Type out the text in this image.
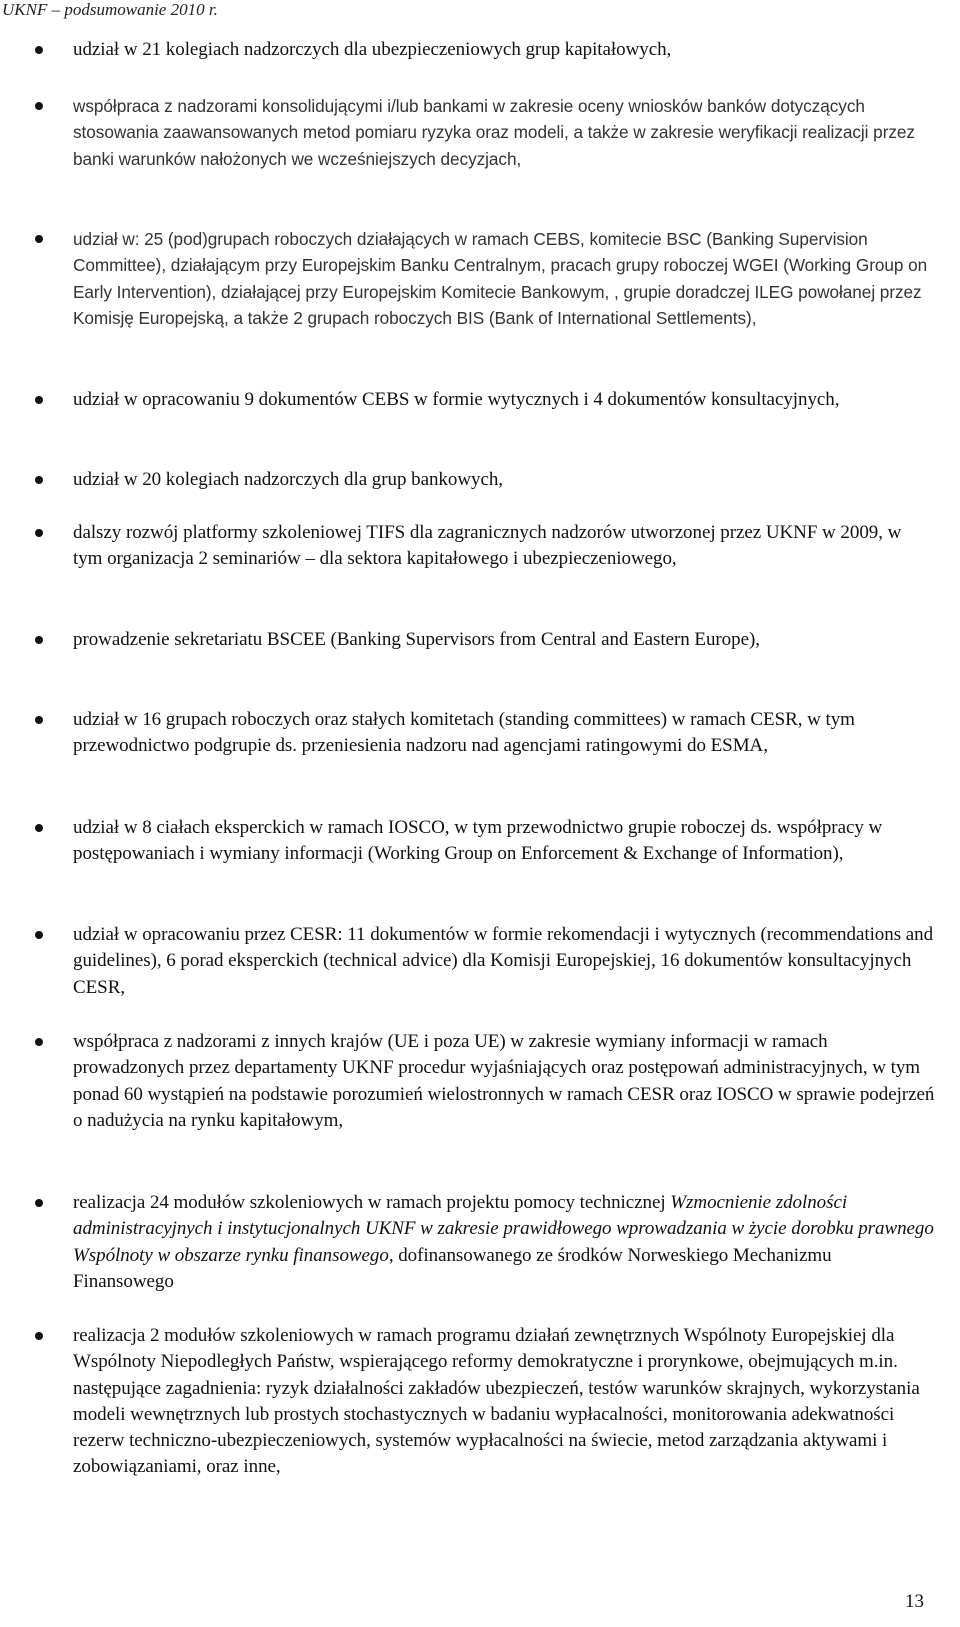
UKNF – podsumowanie 2010 r.
udział w 21 kolegiach nadzorczych dla ubezpieczeniowych grup kapitałowych,
współpraca z nadzorami konsolidującymi i/lub bankami w zakresie oceny wniosków banków dotyczących stosowania zaawansowanych metod pomiaru ryzyka oraz modeli, a także w zakresie weryfikacji realizacji przez banki warunków nałożonych we wcześniejszych decyzjach,
udział w: 25 (pod)grupach roboczych działających w ramach CEBS, komitecie BSC (Banking Supervision Committee), działającym przy Europejskim Banku Centralnym, pracach grupy roboczej WGEI (Working Group on Early Intervention), działającej przy Europejskim Komitecie Bankowym, , grupie doradczej ILEG powołanej przez Komisję Europejską, a także 2 grupach roboczych BIS (Bank of International Settlements),
udział w opracowaniu 9 dokumentów CEBS w formie wytycznych i 4 dokumentów konsultacyjnych,
udział w 20 kolegiach nadzorczych dla grup bankowych,
dalszy rozwój platformy szkoleniowej TIFS dla zagranicznych nadzorów utworzonej przez UKNF w 2009, w tym organizacja 2 seminariów – dla sektora kapitałowego i ubezpieczeniowego,
prowadzenie sekretariatu BSCEE (Banking Supervisors from Central and Eastern Europe),
udział w 16 grupach roboczych oraz stałych komitetach (standing committees) w ramach CESR, w tym przewodnictwo podgrupie ds. przeniesienia nadzoru nad agencjami ratingowymi do ESMA,
udział w 8 ciałach eksperckich w ramach IOSCO, w tym przewodnictwo grupie roboczej ds. współpracy w postępowaniach i wymiany informacji (Working Group on Enforcement & Exchange of Information),
udział w opracowaniu przez CESR: 11 dokumentów w formie rekomendacji i wytycznych (recommendations and guidelines), 6 porad eksperckich (technical advice) dla Komisji Europejskiej, 16 dokumentów konsultacyjnych CESR,
współpraca z nadzorami z innych krajów (UE i poza UE) w zakresie wymiany informacji w ramach prowadzonych przez departamenty UKNF procedur wyjaśniających oraz postępowań administracyjnych, w tym ponad 60 wystąpień na podstawie porozumień wielostronnych w ramach CESR oraz IOSCO w sprawie podejrzeń o nadużycia na rynku kapitałowym,
realizacja 24 modułów szkoleniowych w ramach projektu pomocy technicznej Wzmocnienie zdolności administracyjnych i instytucjonalnych UKNF w zakresie prawidłowego wprowadzania w życie dorobku prawnego Wspólnoty w obszarze rynku finansowego, dofinansowanego ze środków Norweskiego Mechanizmu Finansowego
realizacja 2 modułów szkoleniowych w ramach programu działań zewnętrznych Wspólnoty Europejskiej dla Wspólnoty Niepodległych Państw, wspierającego reformy demokratyczne i prorynkowe, obejmujących m.in. następujące zagadnienia: ryzyk działalności zakładów ubezpieczeń, testów warunków skrajnych, wykorzystania modeli wewnętrznych lub prostych stochastycznych w badaniu wypłacalności, monitorowania adekwatności rezerw techniczno-ubezpieczeniowych, systemów wypłacalności na świecie, metod zarządzania aktywami i zobowiązaniami, oraz inne,
13
